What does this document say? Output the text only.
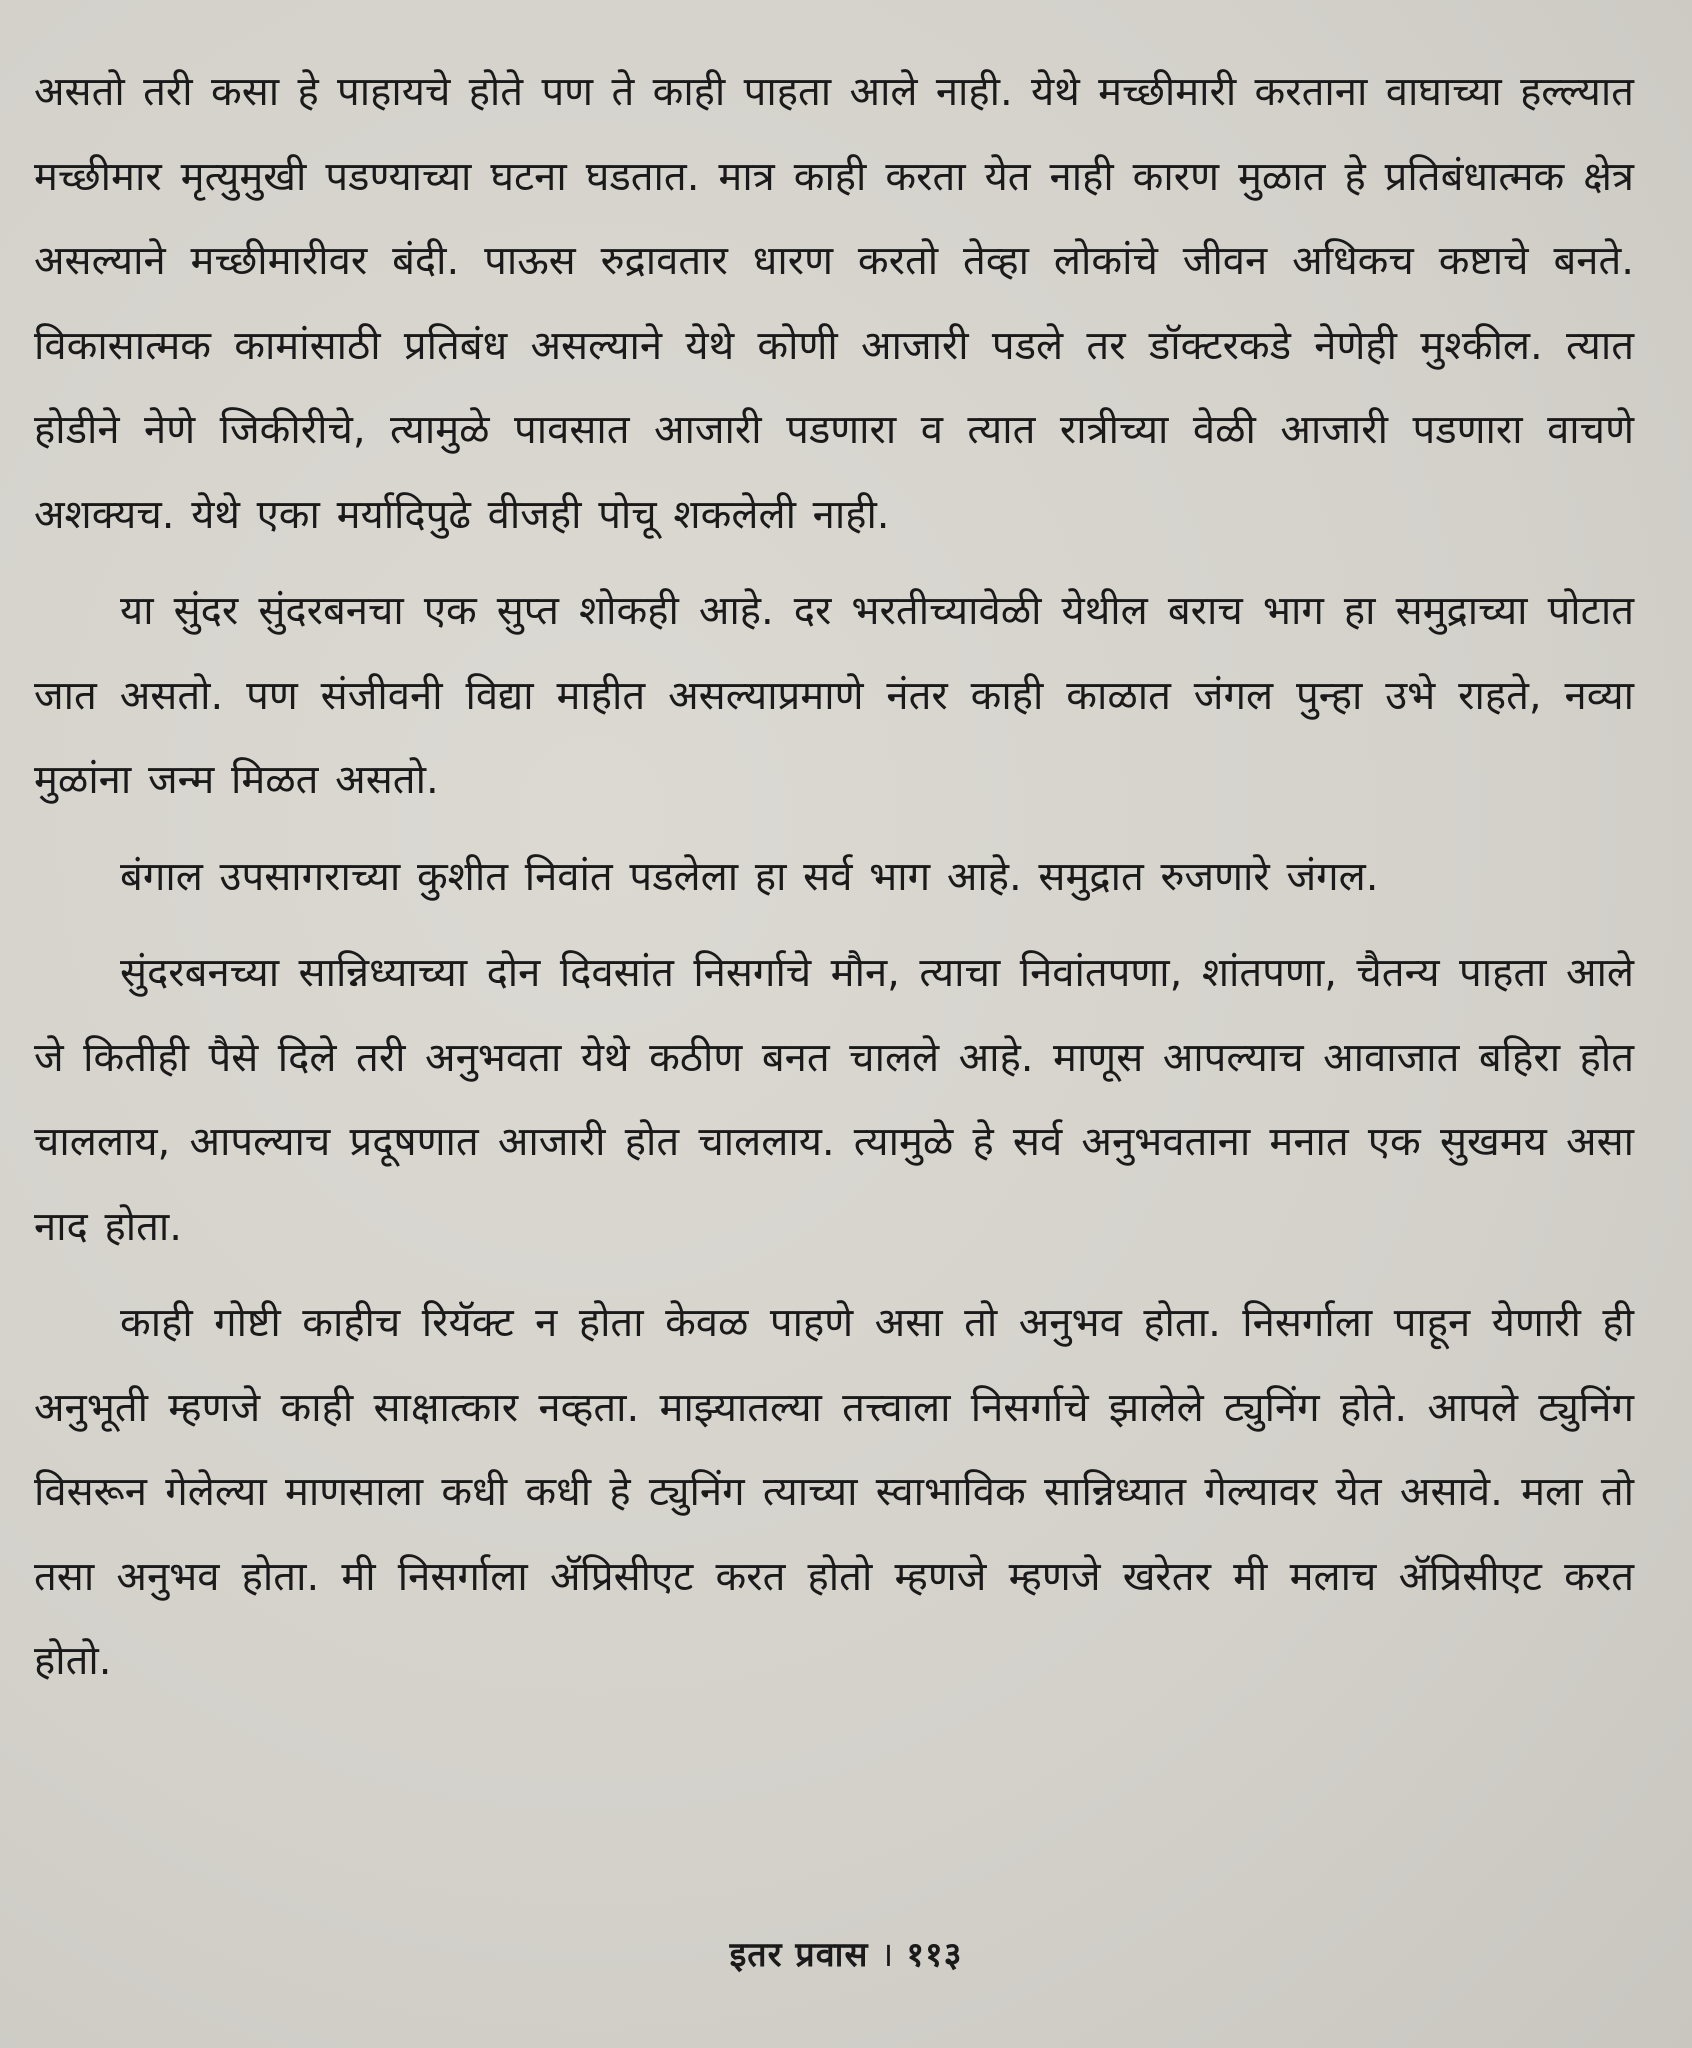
असतो तरी कसा हे पाहायचे होते पण ते काही पाहता आले नाही. येथे मच्छीमारी करताना वाघाच्या हल्ल्यात मच्छीमार मृत्युमुखी पडण्याच्या घटना घडतात. मात्र काही करता येत नाही कारण मुळात हे प्रतिबंधात्मक क्षेत्र असल्याने मच्छीमारीवर बंदी. पाऊस रुद्रावतार धारण करतो तेव्हा लोकांचे जीवन अधिकच कष्टाचे बनते. विकासात्मक कामांसाठी प्रतिबंध असल्याने येथे कोणी आजारी पडले तर डॉक्टरकडे नेणेही मुश्कील. त्यात होडीने नेणे जिकीरीचे, त्यामुळे पावसात आजारी पडणारा व त्यात रात्रीच्या वेळी आजारी पडणारा वाचणे अशक्यच. येथे एका मर्यादिपुढे वीजही पोचू शकलेली नाही.

या सुंदर सुंदरबनचा एक सुप्त शोकही आहे. दर भरतीच्यावेळी येथील बराच भाग हा समुद्राच्या पोटात जात असतो. पण संजीवनी विद्या माहीत असल्याप्रमाणे नंतर काही काळात जंगल पुन्हा उभे राहते, नव्या मुळांना जन्म मिळत असतो.

बंगाल उपसागराच्या कुशीत निवांत पडलेला हा सर्व भाग आहे. समुद्रात रुजणारे जंगल.

सुंदरबनच्या सान्निध्याच्या दोन दिवसांत निसर्गाचे मौन, त्याचा निवांतपणा, शांतपणा, चैतन्य पाहता आले जे कितीही पैसे दिले तरी अनुभवता येथे कठीण बनत चालले आहे. माणूस आपल्याच आवाजात बहिरा होत चाललाय, आपल्याच प्रदूषणात आजारी होत चाललाय. त्यामुळे हे सर्व अनुभवताना मनात एक सुखमय असा नाद होता.

काही गोष्टी काहीच रियॅक्ट न होता केवळ पाहणे असा तो अनुभव होता. निसर्गाला पाहून येणारी ही अनुभूती म्हणजे काही साक्षात्कार नव्हता. माझ्यातल्या तत्त्वाला निसर्गाचे झालेले ट्युनिंग होते. आपले ट्युनिंग विसरून गेलेल्या माणसाला कधी कधी हे ट्युनिंग त्याच्या स्वाभाविक सान्निध्यात गेल्यावर येत असावे. मला तो तसा अनुभव होता. मी निसर्गाला ॲप्रिसीएट करत होतो म्हणजे म्हणजे खरेतर मी मलाच ॲप्रिसीएट करत होतो.

इतर प्रवास । ११३
